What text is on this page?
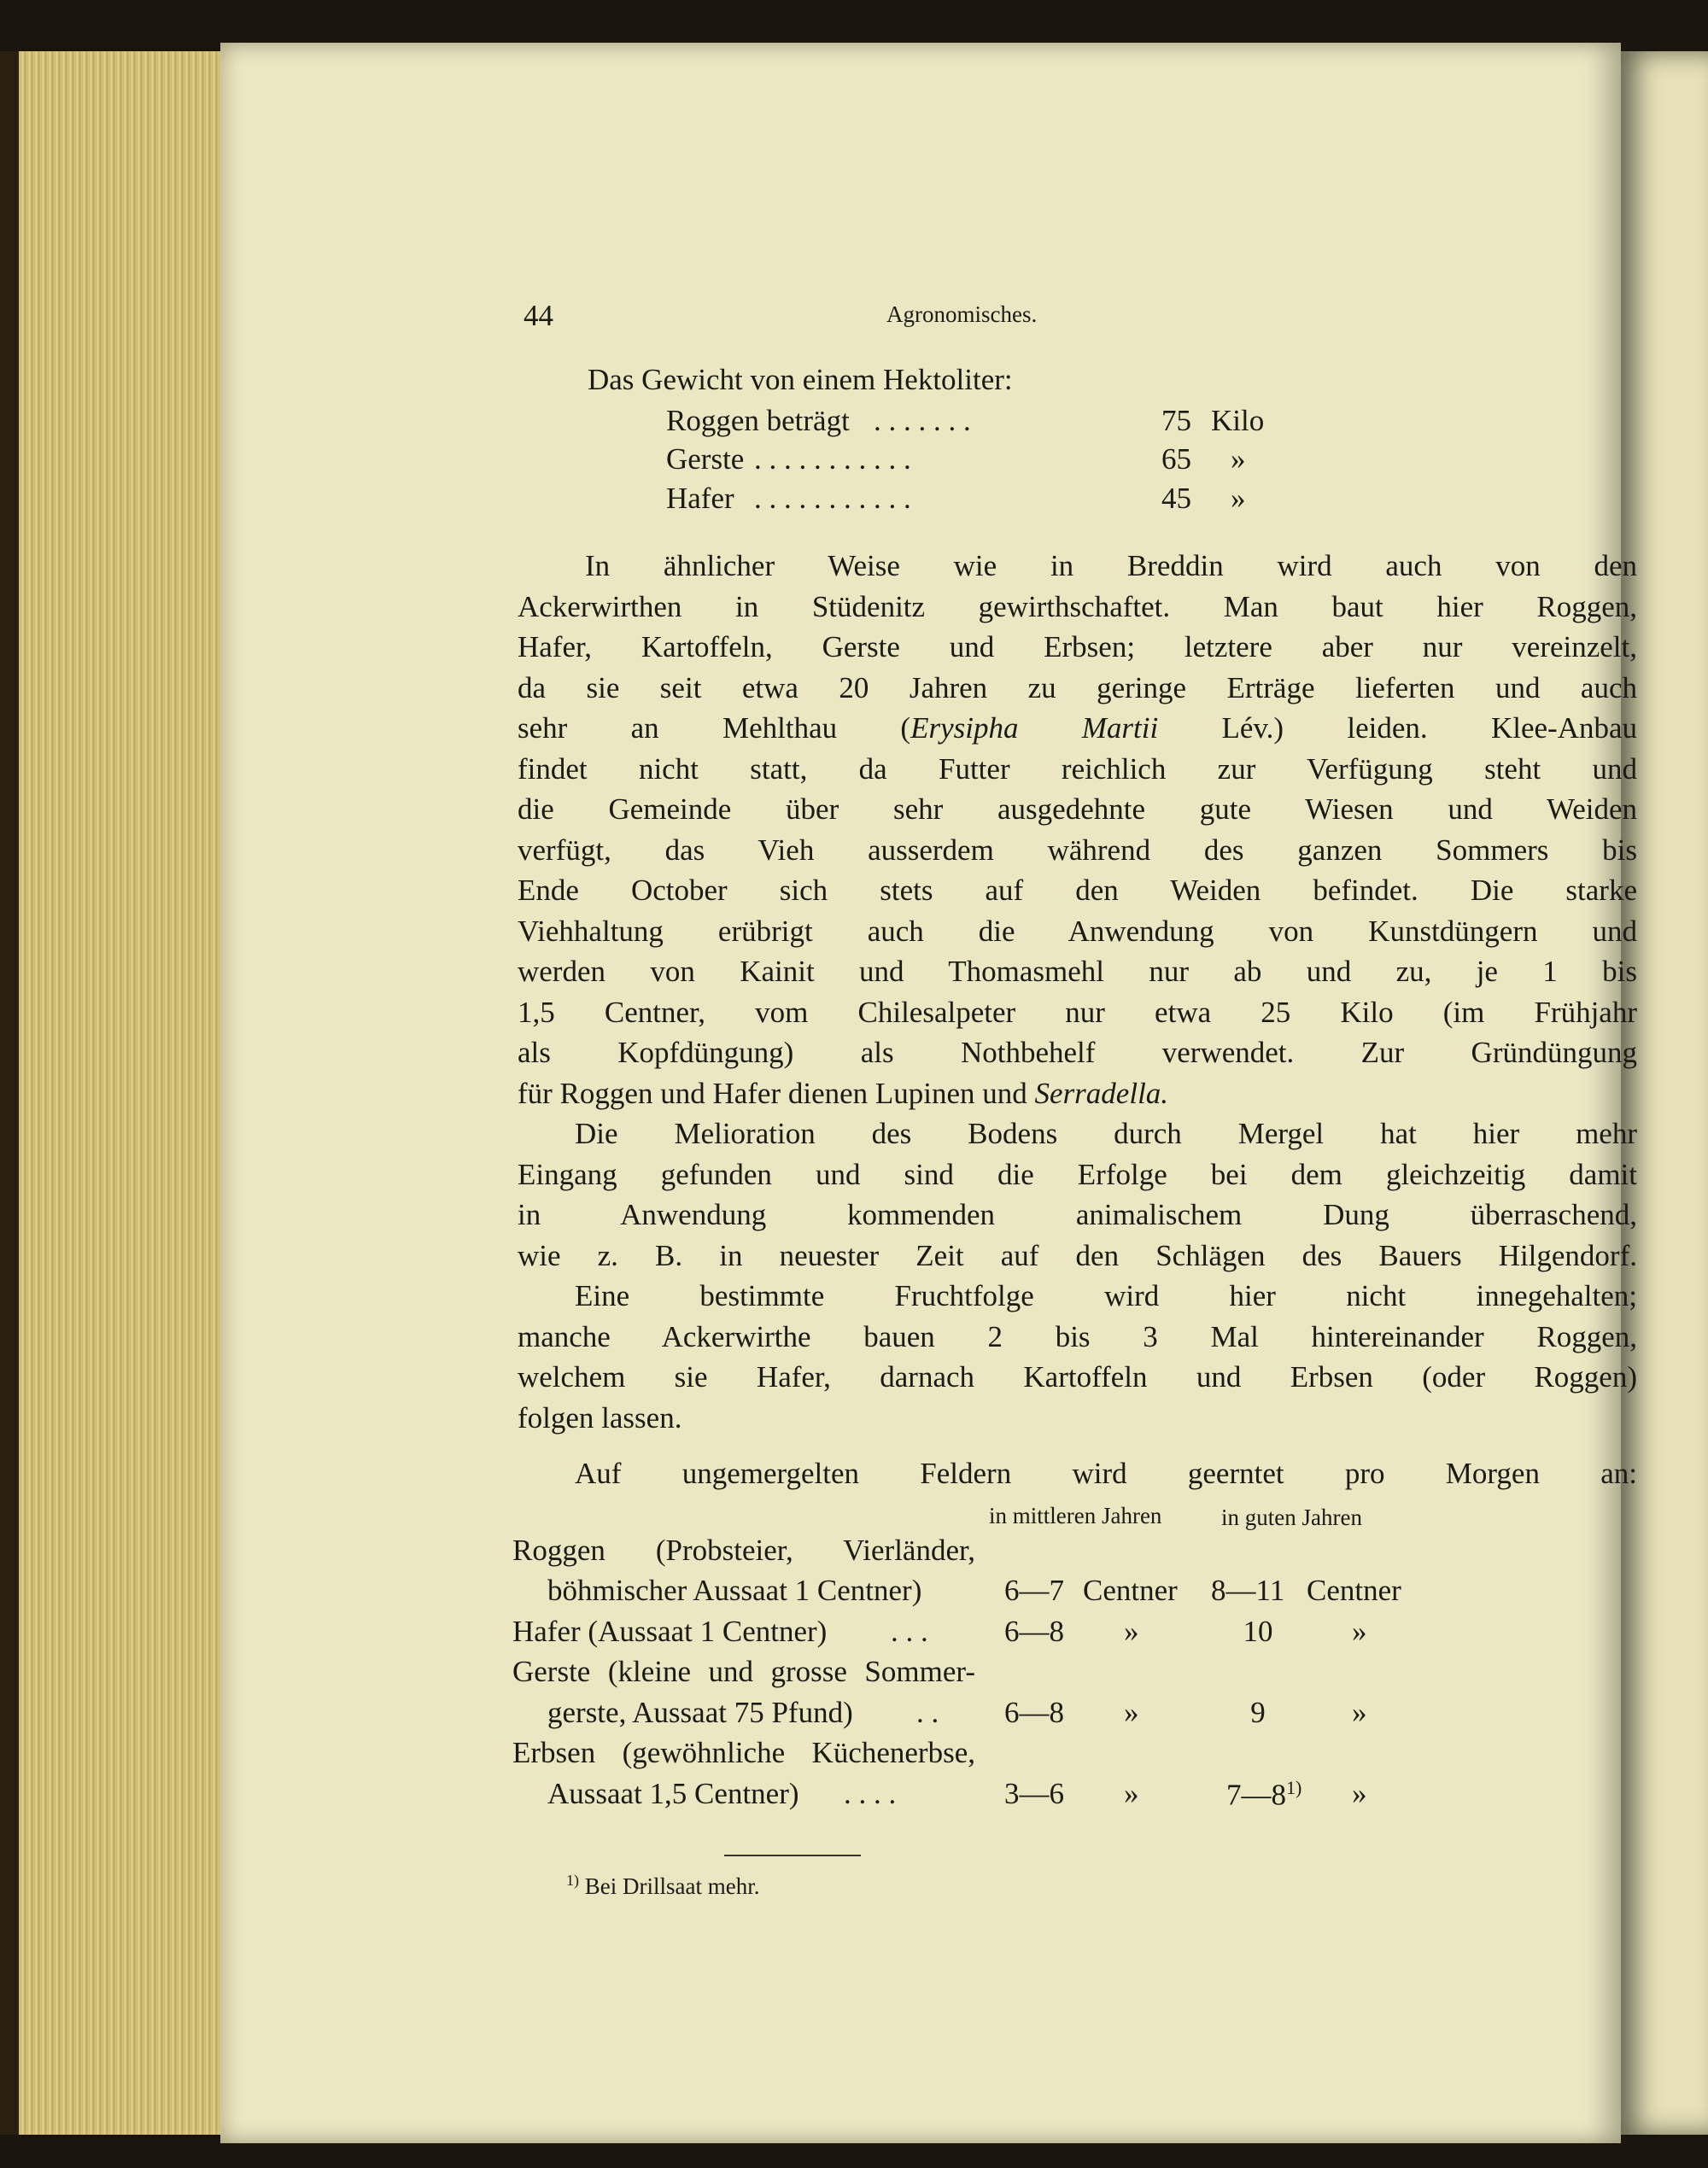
44	Agronomisches.
Das Gewicht von einem Hektoliter:
Roggen beträgt . . . . . . .	75 Kilo
Gerste . . . . . . . . . . .	65 »
Hafer . . . . . . . . . . .	45 »
In ähnlicher Weise wie in Breddin wird auch von den
Ackerwirthen in Stüdenitz gewirthschaftet. Man baut hier Roggen,
Hafer, Kartoffeln, Gerste und Erbsen; letztere aber nur vereinzelt,
da sie seit etwa 20 Jahren zu geringe Erträge lieferten und auch
sehr an Mehlthau (Erysipha Martii Lév.) leiden. Klee-Anbau
findet nicht statt, da Futter reichlich zur Verfügung steht und
die Gemeinde über sehr ausgedehnte gute Wiesen und Weiden
verfügt, das Vieh ausserdem während des ganzen Sommers bis
Ende October sich stets auf den Weiden befindet. Die starke
Viehhaltung erübrigt auch die Anwendung von Kunstdüngern und
werden von Kainit und Thomasmehl nur ab und zu, je 1 bis
1,5 Centner, vom Chilesalpeter nur etwa 25 Kilo (im Frühjahr
als Kopfdüngung) als Nothbehelf verwendet. Zur Gründüngung
für Roggen und Hafer dienen Lupinen und Serradella.
Die Melioration des Bodens durch Mergel hat hier mehr
Eingang gefunden und sind die Erfolge bei dem gleichzeitig damit
in Anwendung kommenden animalischem Dung überraschend,
wie z. B. in neuester Zeit auf den Schlägen des Bauers Hilgendorf.
Eine bestimmte Fruchtfolge wird hier nicht innegehalten;
manche Ackerwirthe bauen 2 bis 3 Mal hintereinander Roggen,
welchem sie Hafer, darnach Kartoffeln und Erbsen (oder Roggen)
folgen lassen.
Auf ungemergelten Feldern wird geerntet pro Morgen an:
in mittleren Jahren	in guten Jahren
Roggen (Probsteier, Vierländer,
böhmischer Aussaat 1 Centner)	6—7 Centner 8—11 Centner
Hafer (Aussaat 1 Centner) . . .	6—8 »	10	»
Gerste (kleine und grosse Sommer-
gerste, Aussaat 75 Pfund) . . 6—8 »	9	»
Erbsen (gewöhnliche Küchenerbse,
Aussaat 1,5 Centner) . . . .	3—6 »	7—8$^{1)}$ »
$^{1)}$ Bei Drillsaat mehr.
